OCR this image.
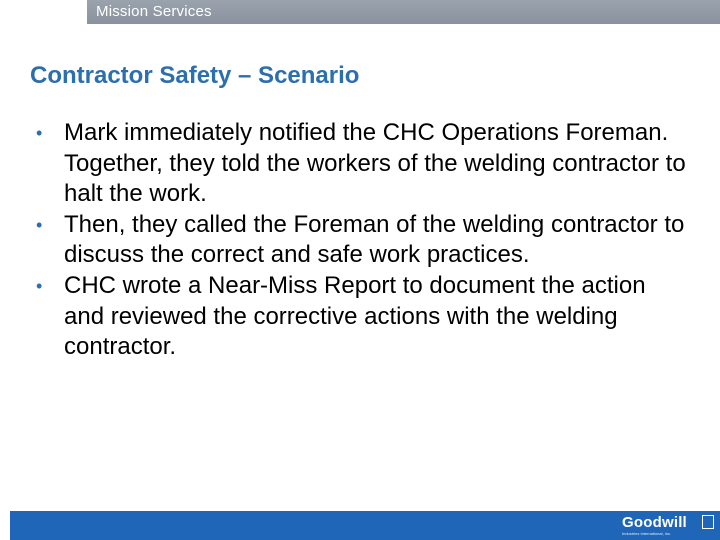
Mission Services
Contractor Safety – Scenario
• Mark immediately notified the CHC Operations Foreman. Together, they told the workers of the welding contractor to halt the work.
• Then, they called the Foreman of the welding contractor to discuss the correct and safe work practices.
• CHC wrote a Near-Miss Report to document the action and reviewed the corrective actions with the welding contractor.
Goodwill
Industries International, Inc.
